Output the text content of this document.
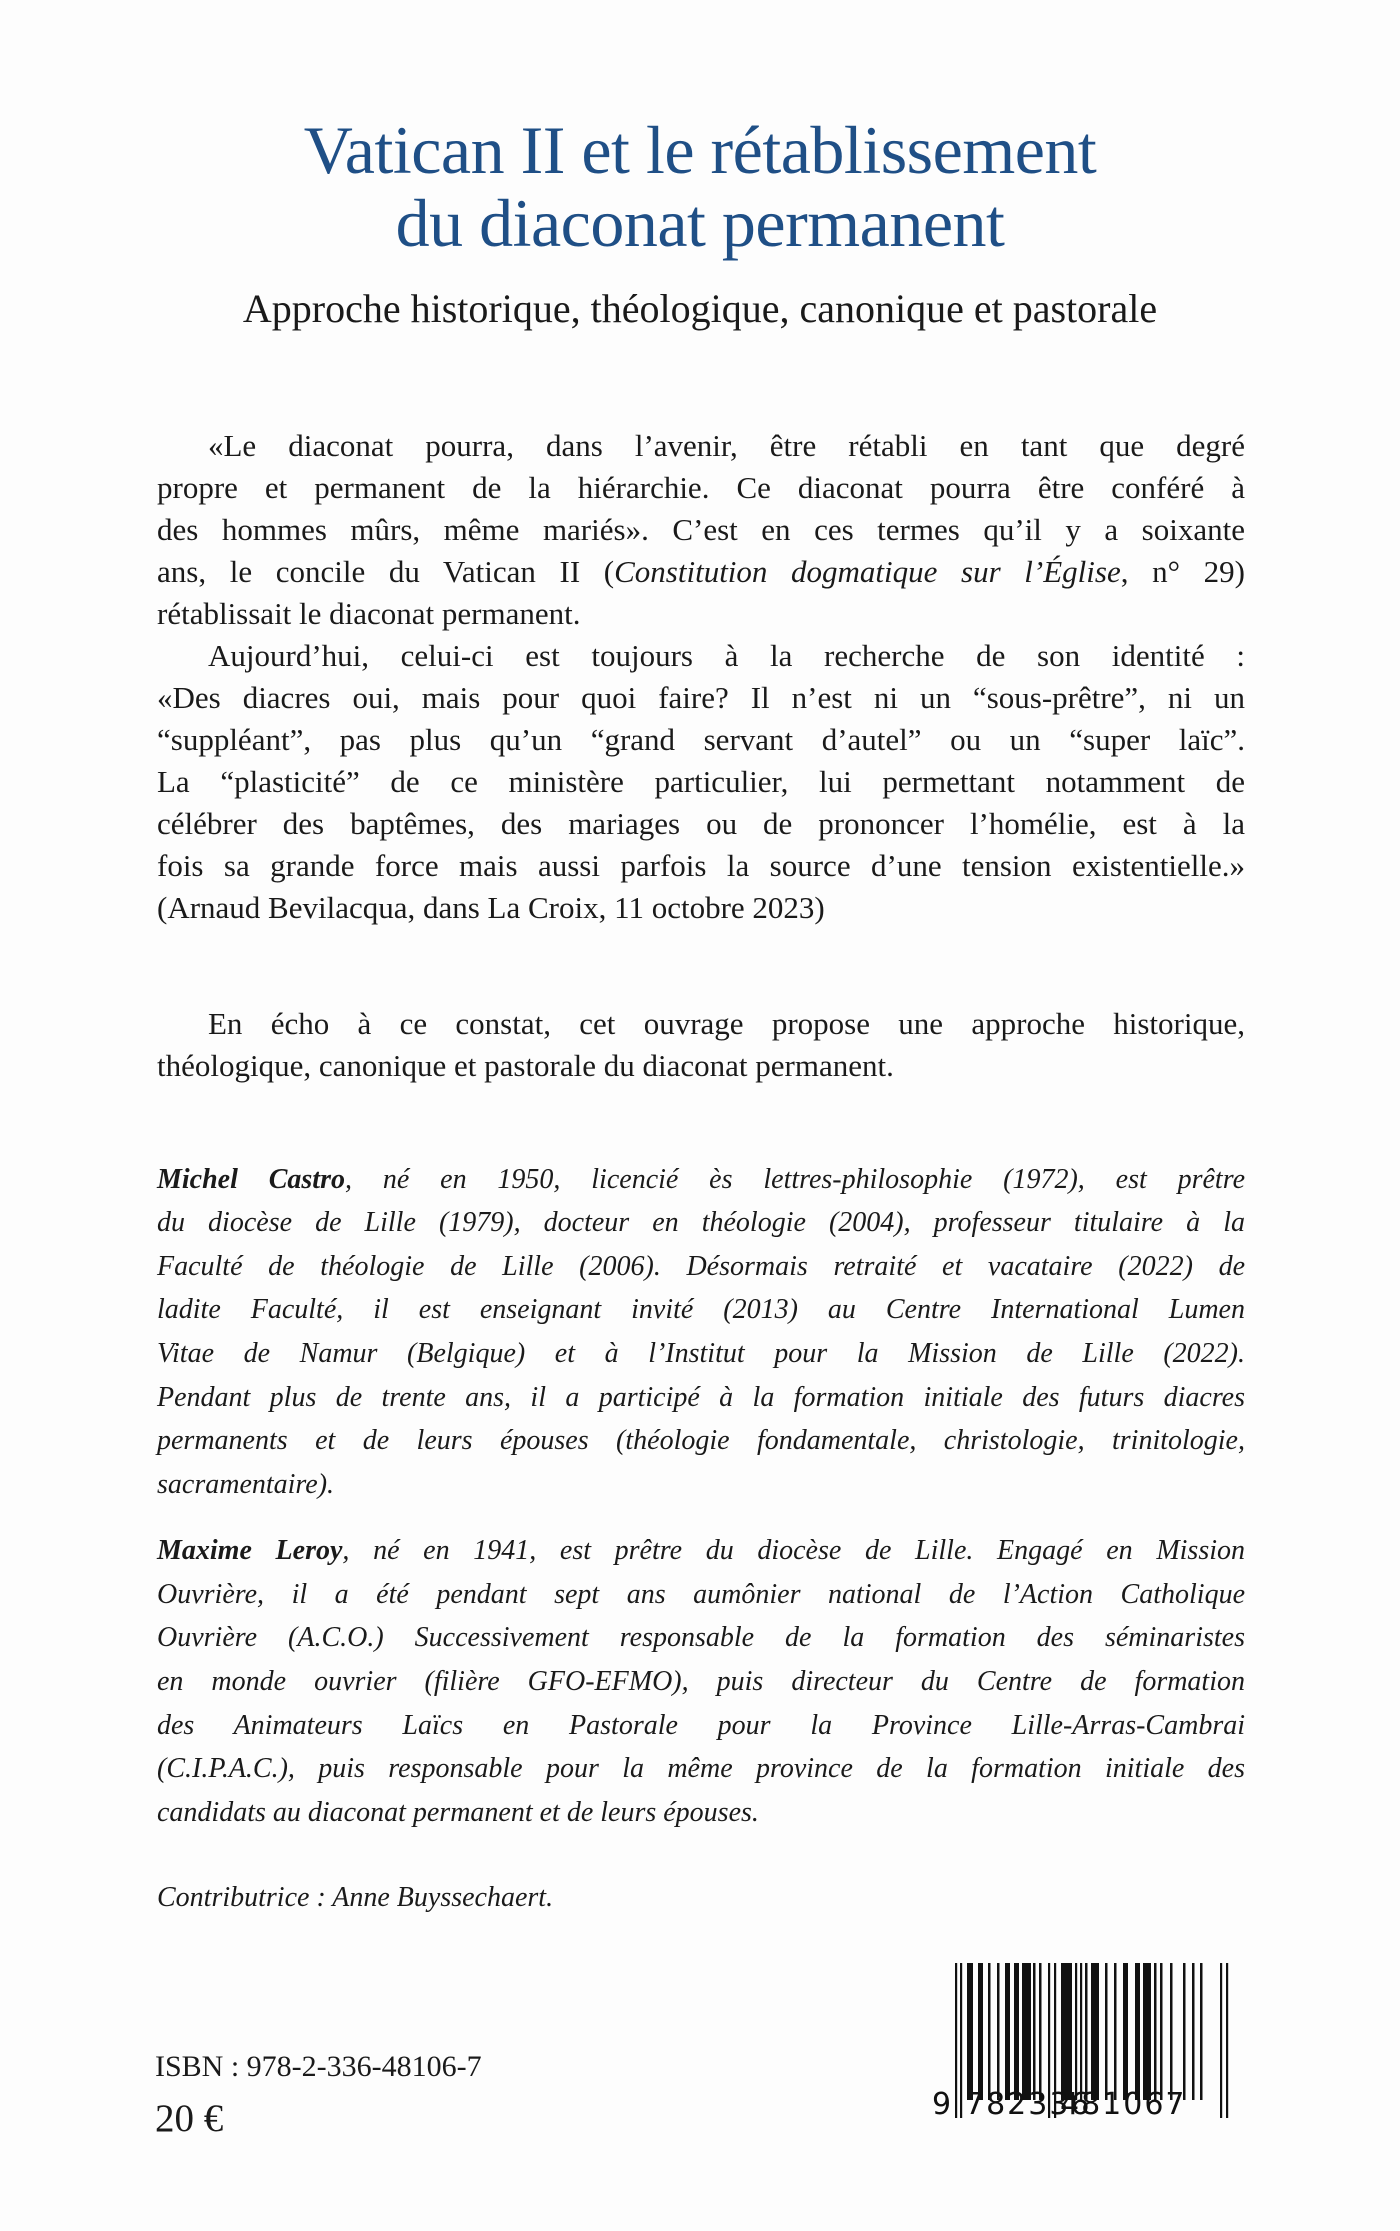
Vatican II et le rétablissement
du diaconat permanent
Approche historique, théologique, canonique et pastorale
«Le diaconat pourra, dans l’avenir, être rétabli en tant que degré
propre et permanent de la hiérarchie. Ce diaconat pourra être conféré à
des hommes mûrs, même mariés». C’est en ces termes qu’il y a soixante
ans, le concile du Vatican II (Constitution dogmatique sur l’Église, n° 29)
rétablissait le diaconat permanent.
Aujourd’hui, celui-ci est toujours à la recherche de son identité :
«Des diacres oui, mais pour quoi faire? Il n’est ni un “sous-prêtre”, ni un
“suppléant”, pas plus qu’un “grand servant d’autel” ou un “super laïc”.
La “plasticité” de ce ministère particulier, lui permettant notamment de
célébrer des baptêmes, des mariages ou de prononcer l’homélie, est à la
fois sa grande force mais aussi parfois la source d’une tension existentielle.»
(Arnaud Bevilacqua, dans La Croix, 11 octobre 2023)
En écho à ce constat, cet ouvrage propose une approche historique,
théologique, canonique et pastorale du diaconat permanent.
Michel Castro, né en 1950, licencié ès lettres-philosophie (1972), est prêtre
du diocèse de Lille (1979), docteur en théologie (2004), professeur titulaire à la
Faculté de théologie de Lille (2006). Désormais retraité et vacataire (2022) de
ladite Faculté, il est enseignant invité (2013) au Centre International Lumen
Vitae de Namur (Belgique) et à l’Institut pour la Mission de Lille (2022).
Pendant plus de trente ans, il a participé à la formation initiale des futurs diacres
permanents et de leurs épouses (théologie fondamentale, christologie, trinitologie,
sacramentaire).
Maxime Leroy, né en 1941, est prêtre du diocèse de Lille. Engagé en Mission
Ouvrière, il a été pendant sept ans aumônier national de l’Action Catholique
Ouvrière (A.C.O.) Successivement responsable de la formation des séminaristes
en monde ouvrier (filière GFO-EFMO), puis directeur du Centre de formation
des Animateurs Laïcs en Pastorale pour la Province Lille-Arras-Cambrai
(C.I.P.A.C.), puis responsable pour la même province de la formation initiale des
candidats au diaconat permanent et de leurs épouses.
Contributrice : Anne Buyssechaert.
ISBN : 978-2-336-48106-7
20 €	9 782336
481067
